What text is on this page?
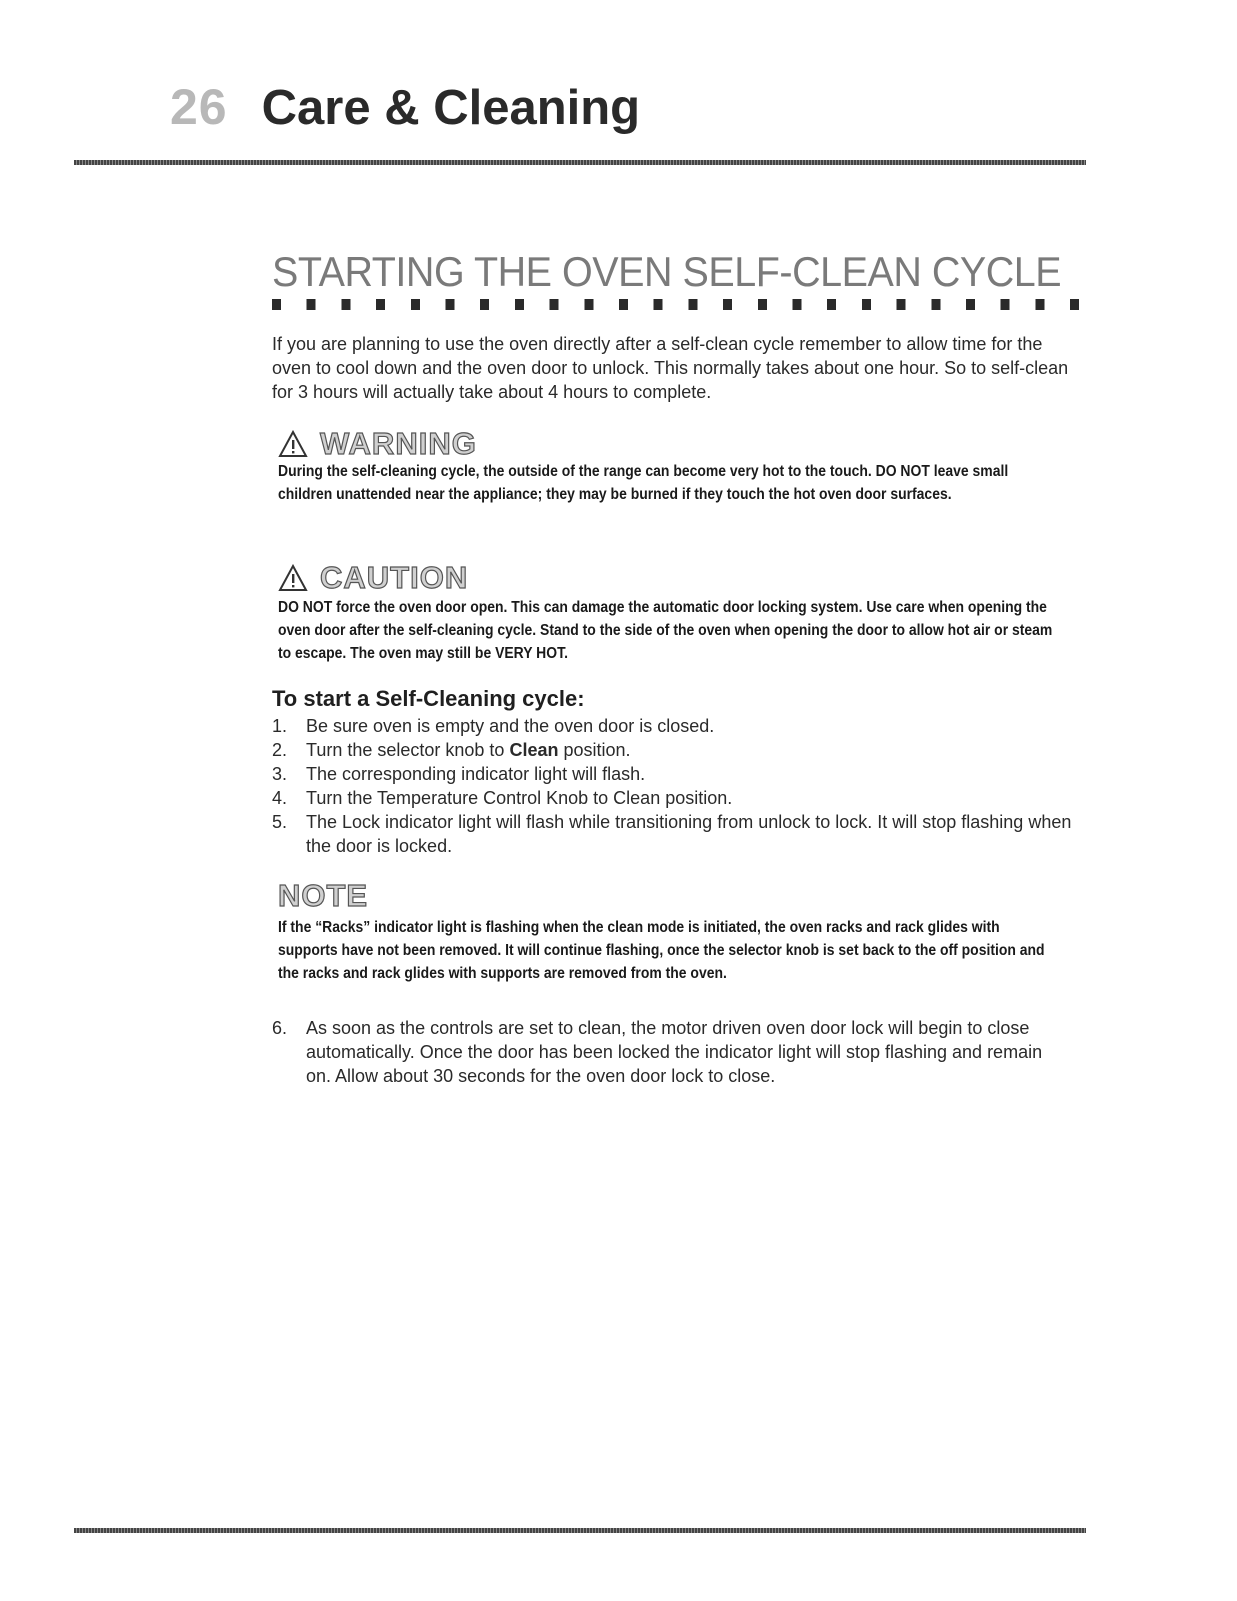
26 Care & Cleaning
STARTING THE OVEN SELF-CLEAN CYCLE

If you are planning to use the oven directly after a self-clean cycle remember to allow time for the oven to cool down and the oven door to unlock. This normally takes about one hour. So to self-clean for 3 hours will actually take about 4 hours to complete.

WARNING

During the self-cleaning cycle, the outside of the range can become very hot to the touch. DO NOT leave small children unattended near the appliance; they may be burned if they touch the hot oven door surfaces.

CAUTION

DO NOT force the oven door open. This can damage the automatic door locking system. Use care when opening the oven door after the self-cleaning cycle. Stand to the side of the oven when opening the door to allow hot air or steam to escape. The oven may still be VERY HOT.

To start a Self-Cleaning cycle:
1.	Be sure oven is empty and the oven door is closed.
2.	Turn the selector knob to Clean position.
3.	The corresponding indicator light will flash.
4.	Turn the Temperature Control Knob to Clean position.
5.	The Lock indicator light will flash while transitioning from unlock to lock. It will stop flashing when the door is locked.
NOTE

If the “Racks” indicator light is flashing when the clean mode is initiated, the oven racks and rack glides with supports have not been removed. It will continue flashing, once the selector knob is set back to the off position and the racks and rack glides with supports are removed from the oven.

6.	As soon as the controls are set to clean, the motor driven oven door lock will begin to close automatically. Once the door has been locked the indicator light will stop flashing and remain on. Allow about 30 seconds for the oven door lock to close.
